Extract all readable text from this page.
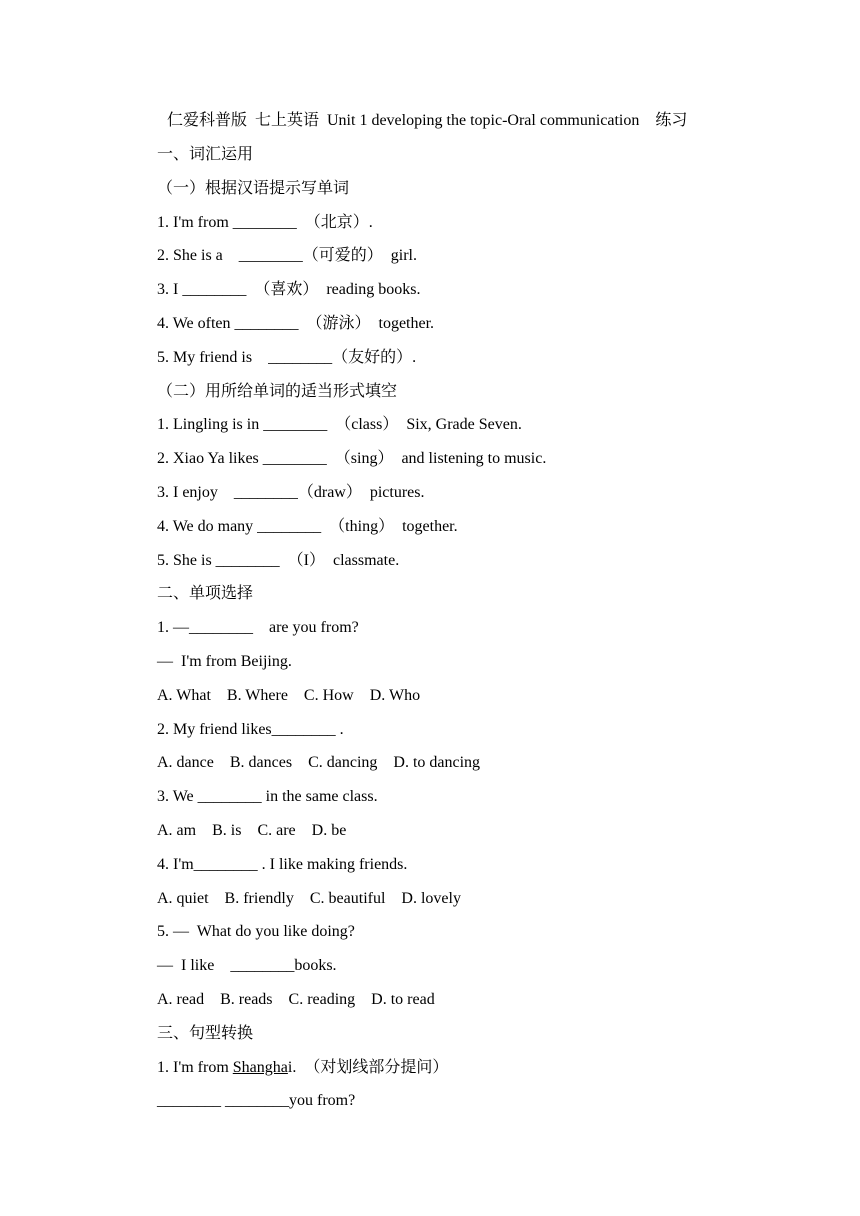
仁爱科普版  七上英语  Unit 1 developing the topic-Oral communication    练习
一、词汇运用
（一）根据汉语提示写单词
1. I'm from ________  （北京）.
2. She is a    ________（可爱的）  girl.
3. I ________  （喜欢）  reading books.
4. We often ________  （游泳）  together.
5. My friend is    ________（友好的）.
（二）用所给单词的适当形式填空
1. Lingling is in ________  （class）  Six, Grade Seven.
2. Xiao Ya likes ________  （sing）  and listening to music.
3. I enjoy    ________（draw）  pictures.
4. We do many ________  （thing）  together.
5. She is ________  （I）  classmate.
二、单项选择
1. —________    are you from?
—  I'm from Beijing.
A. What    B. Where    C. How    D. Who
2. My friend likes________ .
A. dance    B. dances    C. dancing    D. to dancing
3. We ________ in the same class.
A. am    B. is    C. are    D. be
4. I'm________ . I like making friends.
A. quiet    B. friendly    C. beautiful    D. lovely
5. —  What do you like doing?
—  I like    ________books.
A. read    B. reads    C. reading    D. to read
三、句型转换
1. I'm from Shanghai.  （对划线部分提问）
________ ________you from?
